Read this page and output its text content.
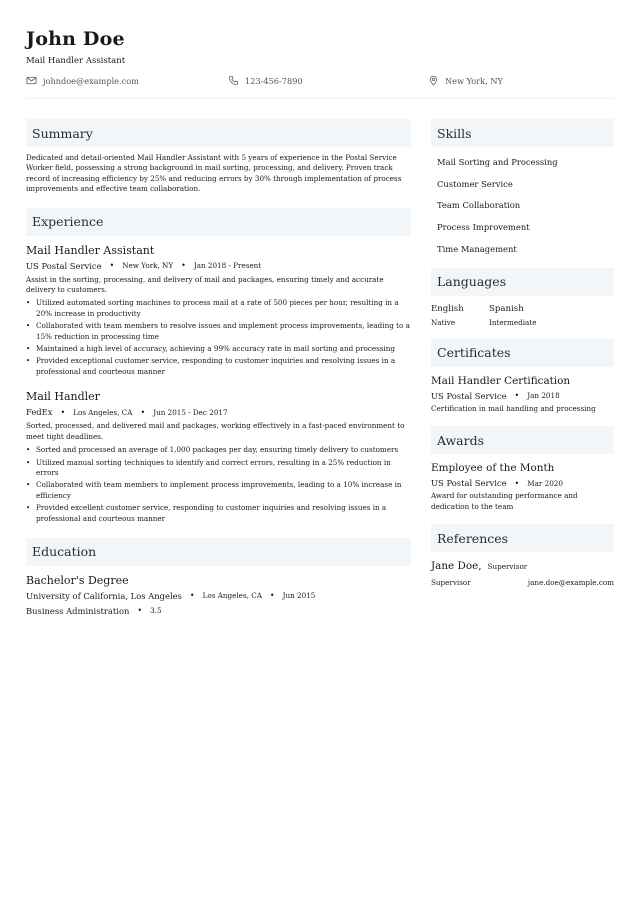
John Doe
Mail Handler Assistant
johndoe@example.com	123-456-7890	New York, NY
Summary
Dedicated and detail-oriented Mail Handler Assistant with 5 years of experience in the Postal Service Worker field, possessing a strong background in mail sorting, processing, and delivery. Proven track record of increasing efficiency by 25% and reducing errors by 30% through implementation of process improvements and effective team collaboration.
Experience
Mail Handler Assistant
US Postal Service • New York, NY • Jan 2018 - Present
Assist in the sorting, processing, and delivery of mail and packages, ensuring timely and accurate delivery to customers.
• Utilized automated sorting machines to process mail at a rate of 500 pieces per hour, resulting in a 20% increase in productivity
• Collaborated with team members to resolve issues and implement process improvements, leading to a 15% reduction in processing time
• Maintained a high level of accuracy, achieving a 99% accuracy rate in mail sorting and processing
• Provided exceptional customer service, responding to customer inquiries and resolving issues in a professional and courteous manner
Mail Handler
FedEx • Los Angeles, CA • Jun 2015 - Dec 2017
Sorted, processed, and delivered mail and packages, working effectively in a fast-paced environment to meet tight deadlines.
• Sorted and processed an average of 1,000 packages per day, ensuring timely delivery to customers
• Utilized manual sorting techniques to identify and correct errors, resulting in a 25% reduction in errors
• Collaborated with team members to implement process improvements, leading to a 10% increase in efficiency
• Provided excellent customer service, responding to customer inquiries and resolving issues in a professional and courteous manner
Education
Bachelor's Degree
University of California, Los Angeles • Los Angeles, CA • Jun 2015
Business Administration • 3.5
Skills
Mail Sorting and Processing
Customer Service
Team Collaboration
Process Improvement
Time Management
Languages
English
Native
Spanish
Intermediate
Certificates
Mail Handler Certification
US Postal Service • Jan 2018
Certification in mail handling and processing
Awards
Employee of the Month
US Postal Service • Mar 2020
Award for outstanding performance and dedication to the team
References
Jane Doe, Supervisor
Supervisor	jane.doe@example.com
